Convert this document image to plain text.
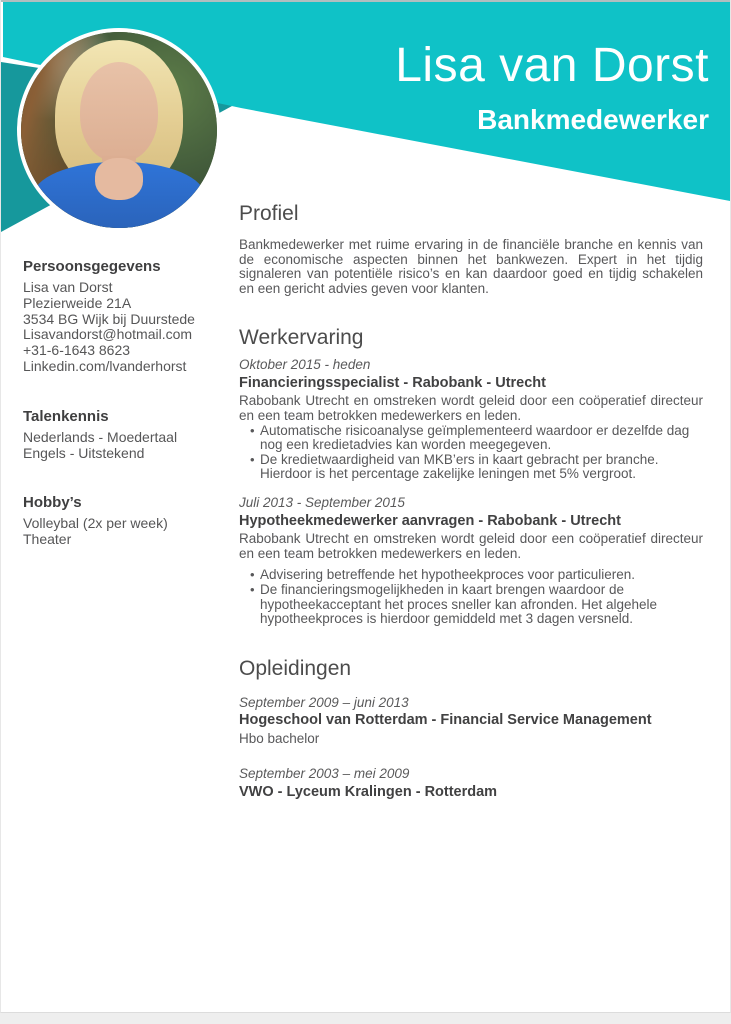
Lisa van Dorst
Bankmedewerker
Persoonsgegevens
Lisa van Dorst
Plezierweide 21A
3534 BG Wijk bij Duurstede
Lisavandorst@hotmail.com
+31-6-1643 8623
Linkedin.com/lvanderhorst
Talenkennis
Nederlands - Moedertaal
Engels - Uitstekend
Hobby’s
Volleybal (2x per week)
Theater
Profiel

Bankmedewerker met ruime ervaring in de financiële branche en kennis van de economische aspecten binnen het bankwezen. Expert in het tijdig signaleren van potentiële risico’s en kan daardoor goed en tijdig schakelen en een gericht advies geven voor klanten.

Werkervaring
Oktober 2015 - heden
Financieringsspecialist - Rabobank - Utrecht
Rabobank Utrecht en omstreken wordt geleid door een coöperatief directeur en een team betrokken medewerkers en leden.
• Automatische risicoanalyse geïmplementeerd waardoor er dezelfde dag nog een kredietadvies kan worden meegegeven.
• De kredietwaardigheid van MKB’ers in kaart gebracht per branche. Hierdoor is het percentage zakelijke leningen met 5% vergroot.
Juli 2013 - September 2015
Hypotheekmedewerker aanvragen - Rabobank - Utrecht
Rabobank Utrecht en omstreken wordt geleid door een coöperatief directeur en een team betrokken medewerkers en leden.
• Advisering betreffende het hypotheekproces voor particulieren.
• De financieringsmogelijkheden in kaart brengen waardoor de hypotheekacceptant het proces sneller kan afronden. Het algehele hypotheekproces is hierdoor gemiddeld met 3 dagen versneld.
Opleidingen
September 2009 – juni 2013
Hogeschool van Rotterdam - Financial Service Management
Hbo bachelor
September 2003 – mei 2009
VWO - Lyceum Kralingen - Rotterdam
